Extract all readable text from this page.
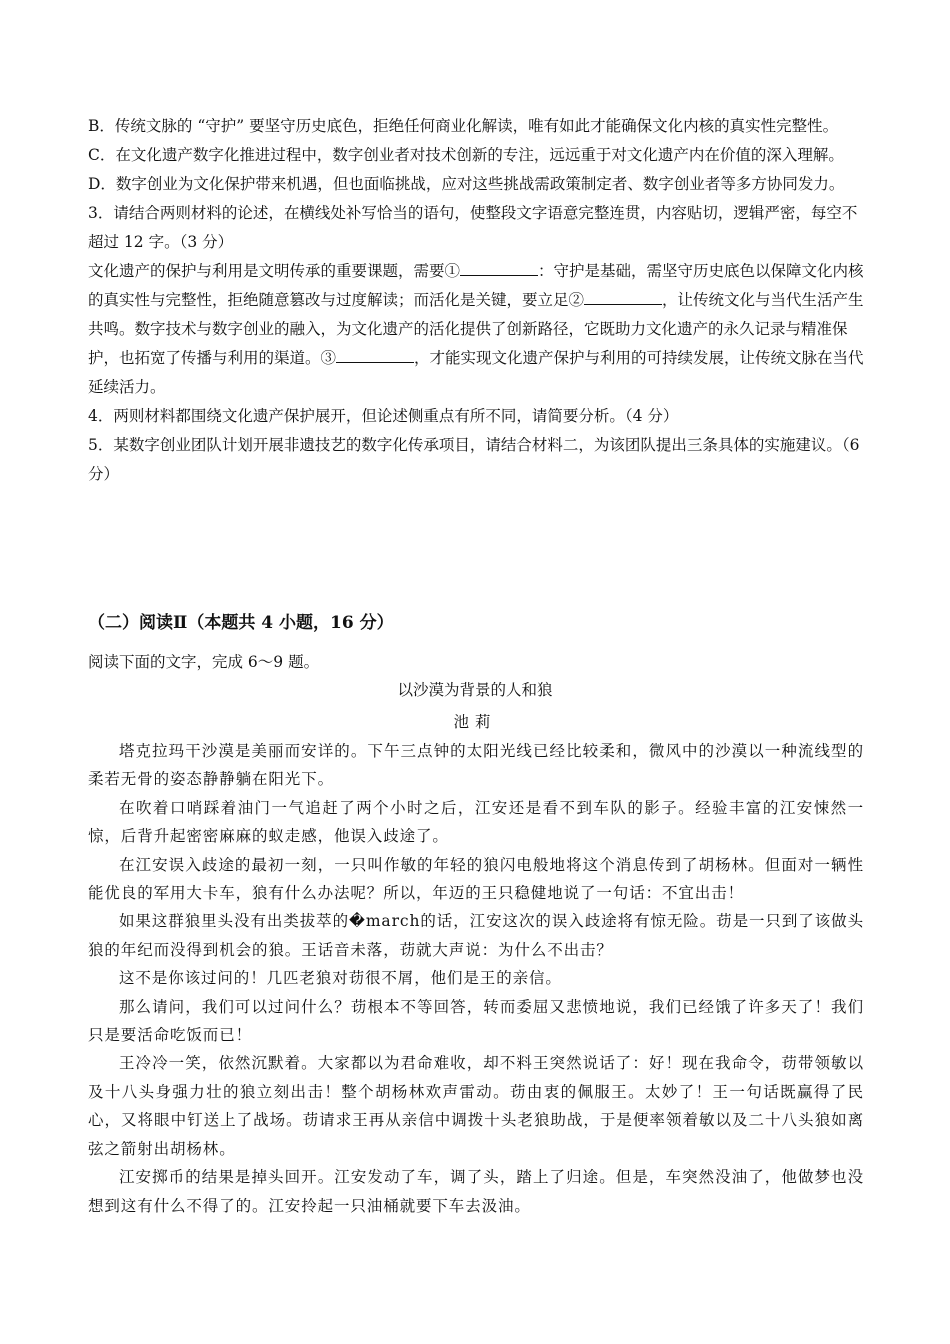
B．传统文脉的 “守护” 要坚守历史底色，拒绝任何商业化解读，唯有如此才能确保文化内核的真实性完整性。

C．在文化遗产数字化推进过程中，数字创业者对技术创新的专注，远远重于对文化遗产内在价值的深入理解。

D．数字创业为文化保护带来机遇，但也面临挑战，应对这些挑战需政策制定者、数字创业者等多方协同发力。

3．请结合两则材料的论述，在横线处补写恰当的语句，使整段文字语意完整连贯，内容贴切，逻辑严密，每空不超过 12 字。（3 分）

文化遗产的保护与利用是文明传承的重要课题，需要①	：守护是基础，需坚守历史底色以保障文化内核的真实性与完整性，拒绝随意篡改与过度解读；而活化是关键，要立足②	，让传统文化与当代生活产生共鸣。数字技术与数字创业的融入，为文化遗产的活化提供了创新路径，它既助力文化遗产的永久记录与精准保护，也拓宽了传播与利用的渠道。③	，才能实现文化遗产保护与利用的可持续发展，让传统文脉在当代延续活力。

4．两则材料都围绕文化遗产保护展开，但论述侧重点有所不同，请简要分析。（4 分）

5．某数字创业团队计划开展非遗技艺的数字化传承项目，请结合材料二，为该团队提出三条具体的实施建议。（6 分）

（二）阅读Ⅱ（本题共 4 小题，16 分）
阅读下面的文字，完成 6～9 题。
以沙漠为背景的人和狼
池莉

塔克拉玛干沙漠是美丽而安详的。下午三点钟的太阳光线已经比较柔和，微风中的沙漠以一种流线型的柔若无骨的姿态静静躺在阳光下。

在吹着口哨踩着油门一气追赶了两个小时之后，江安还是看不到车队的影子。经验丰富的江安悚然一惊，后背升起密密麻麻的蚁走感，他误入歧途了。

在江安误入歧途的最初一刻，一只叫作敏的年轻的狼闪电般地将这个消息传到了胡杨林。但面对一辆性能优良的军用大卡车，狼有什么办法呢？所以，年迈的王只稳健地说了一句话：不宜出击！

如果这群狼里头没有出类拔萃的�march的话，江安这次的误入歧途将有惊无险。苆是一只到了该做头狼的年纪而没得到机会的狼。王话音未落，苆就大声说：为什么不出击？

这不是你该过问的！几匹老狼对苆很不屑，他们是王的亲信。

那么请问，我们可以过问什么？苆根本不等回答，转而委屈又悲愤地说，我们已经饿了许多天了！我们只是要活命吃饭而已！

王冷冷一笑，依然沉默着。大家都以为君命难收，却不料王突然说话了：好！现在我命令，苆带领敏以及十八头身强力壮的狼立刻出击！整个胡杨林欢声雷动。苆由衷的佩服王。太妙了！王一句话既赢得了民心，又将眼中钉送上了战场。苆请求王再从亲信中调拨十头老狼助战，于是便率领着敏以及二十八头狼如离弦之箭射出胡杨林。

江安掷币的结果是掉头回开。江安发动了车，调了头，踏上了归途。但是，车突然没油了，他做梦也没想到这有什么不得了的。江安拎起一只油桶就要下车去汲油。
